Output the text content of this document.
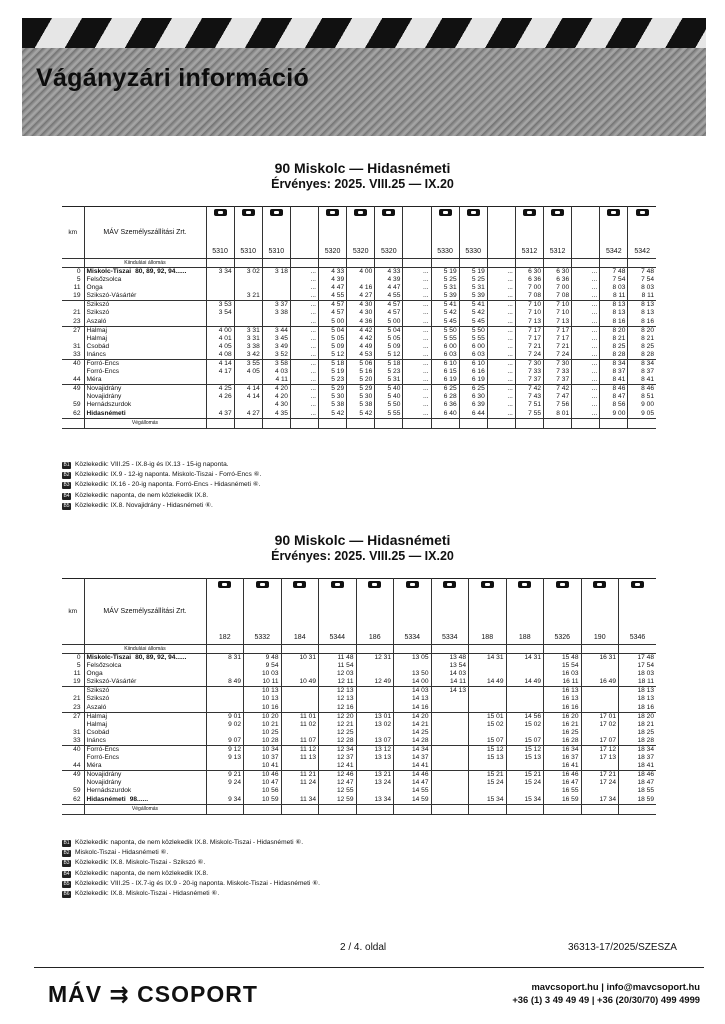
Vágányzári információ
90 Miskolc — Hidasnémeti
Érvényes: 2025. VIII.25 — IX.20
km	MÁV Személyszállítási Zrt.	5310	5310	5310		5320	5320	5320		5330	5330		5312	5312		5342	5342

	Kiindulási állomás																
0	Miskolc-Tiszai 80, 89, 92, 94......	3 34	3 02	3 18	...	4 33	4 00	4 33	...	5 19	5 19	...	6 30	6 30	...	7 48	7 48
5	Felsőzsolca				...	4 39		4 39	...	5 25	5 25	...	6 36	6 36	...	7 54	7 54
11	Onga				...	4 47	4 16	4 47	...	5 31	5 31	...	7 00	7 00	...	8 03	8 03
19	Szikszó-Vásártér		3 21		...	4 55	4 27	4 55	...	5 39	5 39	...	7 08	7 08	...	8 11	8 11
	Szikszó	3 53		3 37	...	4 57	4 30	4 57	...	5 41	5 41	...	7 10	7 10	...	8 13	8 13
21	Szikszó	3 54		3 38	...	4 57	4 30	4 57	...	5 42	5 42	...	7 10	7 10	...	8 13	8 13
23	Aszaló				...	5 00	4 36	5 00	...	5 45	5 45	...	7 13	7 13	...	8 16	8 16
27	Halmaj	4 00	3 31	3 44	...	5 04	4 42	5 04	...	5 50	5 50	...	7 17	7 17	...	8 20	8 20
	Halmaj	4 01	3 31	3 45	...	5 05	4 42	5 05	...	5 55	5 55	...	7 17	7 17	...	8 21	8 21
31	Csobád	4 05	3 38	3 49	...	5 09	4 49	5 09	...	6 00	6 00	...	7 21	7 21	...	8 25	8 25
33	Ináncs	4 08	3 42	3 52	...	5 12	4 53	5 12	...	6 03	6 03	...	7 24	7 24	...	8 28	8 28
40	Forró-Encs	4 14	3 55	3 58	...	5 18	5 06	5 18	...	6 10	6 10	...	7 30	7 30	...	8 34	8 34
	Forró-Encs	4 17	4 05	4 03	...	5 19	5 16	5 23	...	6 15	6 16	...	7 33	7 33	...	8 37	8 37
44	Méra			4 11	...	5 23	5 20	5 31	...	6 19	6 19	...	7 37	7 37	...	8 41	8 41
49	Novajidrány	4 25	4 14	4 20	...	5 29	5 29	5 40	...	6 25	6 25	...	7 42	7 42	...	8 46	8 46
	Novajidrány	4 26	4 14	4 20	...	5 30	5 30	5 40	...	6 28	6 30	...	7 43	7 47	...	8 47	8 51
59	Hernádszurdok			4 30	...	5 38	5 38	5 50	...	6 36	6 39	...	7 51	7 56	...	8 56	9 00
62	Hidasnémeti	4 37	4 27	4 35	...	5 42	5 42	5 55	...	6 40	6 44	...	7 55	8 01	...	9 00	9 05
	Végállomás																
B1 Közlekedik: VIII.25 - IX.8-ig és IX.13 - 15-ig naponta.
B2 Közlekedik: IX.9 - 12-ig naponta. Miskolc-Tiszai - Forró-Encs ⑥.
B3 Közlekedik: IX.16 - 20-ig naponta. Forró-Encs - Hidasnémeti ⑥.
B4 Közlekedik: naponta, de nem közlekedik IX.8.
B5 Közlekedik: IX.8. Novajidrány - Hidasnémeti ⑥.
90 Miskolc — Hidasnémeti
Érvényes: 2025. VIII.25 — IX.20
km	MÁV Személyszállítási Zrt.	182	5332	184	5344	186	5334	5334	188	188	5326	190	5346

	Kiindulási állomás												
0	Miskolc-Tiszai 80, 89, 92, 94......	8 31	9 48	10 31	11 48	12 31	13 05	13 48	14 31	14 31	15 48	16 31	17 48
5	Felsőzsolca		9 54		11 54			13 54			15 54		17 54
11	Onga		10 03		12 03		13 50	14 03			16 03		18 03
19	Szikszó-Vásártér	8 49	10 11	10 49	12 11	12 49	14 00	14 11	14 49	14 49	16 11	16 49	18 11
	Szikszó		10 13		12 13		14 03	14 13			16 13		18 13
21	Szikszó		10 13		12 13		14 13				16 13		18 13
23	Aszaló		10 16		12 16		14 16				16 16		18 16
27	Halmaj	9 01	10 20	11 01	12 20	13 01	14 20		15 01	14 56	16 20	17 01	18 20
	Halmaj	9 02	10 21	11 02	12 21	13 02	14 21		15 02	15 02	16 21	17 02	18 21
31	Csobád		10 25		12 25		14 25				16 25		18 25
33	Ináncs	9 07	10 28	11 07	12 28	13 07	14 28		15 07	15 07	16 28	17 07	18 28
40	Forró-Encs	9 12	10 34	11 12	12 34	13 12	14 34		15 12	15 12	16 34	17 12	18 34
	Forró-Encs	9 13	10 37	11 13	12 37	13 13	14 37		15 13	15 13	16 37	17 13	18 37
44	Méra		10 41		12 41		14 41				16 41		18 41
49	Novajidrány	9 21	10 46	11 21	12 46	13 21	14 46		15 21	15 21	16 46	17 21	18 46
	Novajidrány	9 24	10 47	11 24	12 47	13 24	14 47		15 24	15 24	16 47	17 24	18 47
59	Hernádszurdok		10 56		12 55		14 55				16 55		18 55
62	Hidasnémeti 98......	9 34	10 59	11 34	12 59	13 34	14 59		15 34	15 34	16 59	17 34	18 59
	Végállomás												
B1 Közlekedik: naponta, de nem közlekedik IX.8. Miskolc-Tiszai - Hidasnémeti ⑥.
B2 Miskolc-Tiszai - Hidasnémeti ⑥.
B3 Közlekedik: IX.8. Miskolc-Tiszai - Szikszó ⑥.
B4 Közlekedik: naponta, de nem közlekedik IX.8.
B5 Közlekedik: VIII.25 - IX.7-ig és IX.9 - 20-ig naponta. Miskolc-Tiszai - Hidasnémeti ⑥.
B6 Közlekedik: IX.8. Miskolc-Tiszai - Hidasnémeti ⑥.
2 / 4. oldal	36313-17/2025/SZESZA
MÁV ⇉ CSOPORT	mavcsoport.hu | info@mavcsoport.hu
+36 (1) 3 49 49 49 | +36 (20/30/70) 499 4999
